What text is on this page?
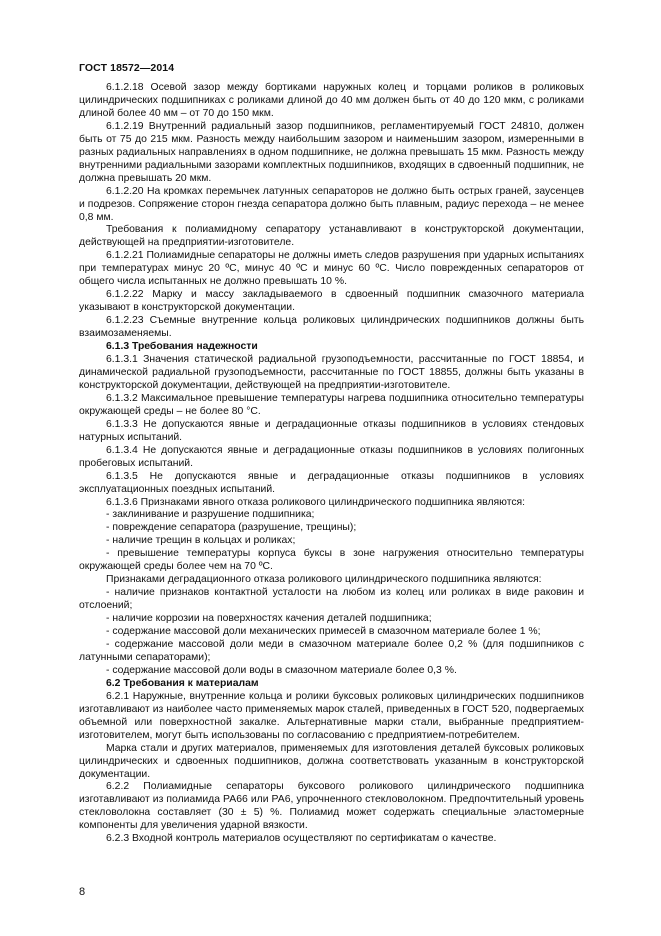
ГОСТ 18572—2014

6.1.2.18 Осевой зазор между бортиками наружных колец и торцами роликов в роликовых цилиндрических подшипниках с роликами длиной до 40 мм должен быть от 40 до 120 мкм, с роликами длиной более 40 мм – от 70 до 150 мкм.

6.1.2.19 Внутренний радиальный зазор подшипников, регламентируемый ГОСТ 24810, должен быть от 75 до 215 мкм. Разность между наибольшим зазором и наименьшим зазором, измеренными в разных радиальных направлениях в одном подшипнике, не должна превышать 15 мкм. Разность между внутренними радиальными зазорами комплектных подшипников, входящих в сдвоенный подшипник, не должна превышать 20 мкм.

6.1.2.20 На кромках перемычек латунных сепараторов не должно быть острых граней, заусенцев и подрезов. Сопряжение сторон гнезда сепаратора должно быть плавным, радиус перехода – не менее 0,8 мм.

Требования к полиамидному сепаратору устанавливают в конструкторской документации, действующей на предприятии-изготовителе.

6.1.2.21 Полиамидные сепараторы не должны иметь следов разрушения при ударных испытаниях при температурах минус 20 ºС, минус 40 ºС и минус 60 ºС. Число поврежденных сепараторов от общего числа испытанных не должно превышать 10 %.

6.1.2.22 Марку и массу закладываемого в сдвоенный подшипник смазочного материала указывают в конструкторской документации.

6.1.2.23 Съемные внутренние кольца роликовых цилиндрических подшипников должны быть взаимозаменяемы.

6.1.3 Требования надежности

6.1.3.1 Значения статической радиальной грузоподъемности, рассчитанные по ГОСТ 18854, и динамической радиальной грузоподъемности, рассчитанные по ГОСТ 18855, должны быть указаны в конструкторской документации, действующей на предприятии-изготовителе.

6.1.3.2 Максимальное превышение температуры нагрева подшипника относительно температуры окружающей среды – не более 80 °С.

6.1.3.3 Не допускаются явные и деградационные отказы подшипников в условиях стендовых натурных испытаний.

6.1.3.4 Не допускаются явные и деградационные отказы подшипников в условиях полигонных пробеговых испытаний.

6.1.3.5 Не допускаются явные и деградационные отказы подшипников в условиях эксплуатационных поездных испытаний.

6.1.3.6 Признаками явного отказа роликового цилиндрического подшипника являются:

- заклинивание и разрушение подшипника;

- повреждение сепаратора (разрушение, трещины);

- наличие трещин в кольцах и роликах;

- превышение температуры корпуса буксы в зоне нагружения относительно температуры окружающей среды более чем на 70 ºС.

Признаками деградационного отказа роликового цилиндрического подшипника являются:

- наличие признаков контактной усталости на любом из колец или роликах в виде раковин и отслоений;

- наличие коррозии на поверхностях качения деталей подшипника;

- содержание массовой доли механических примесей в смазочном материале более 1 %;

- содержание массовой доли меди в смазочном материале более 0,2 % (для подшипников с латунными сепараторами);

- содержание массовой доли воды в смазочном материале более 0,3 %.

6.2 Требования к материалам

6.2.1 Наружные, внутренние кольца и ролики буксовых роликовых цилиндрических подшипников изготавливают из наиболее часто применяемых марок сталей, приведенных в ГОСТ 520, подвергаемых объемной или поверхностной закалке. Альтернативные марки стали, выбранные предприятием-изготовителем, могут быть использованы по согласованию с предприятием-потребителем.

Марка стали и других материалов, применяемых для изготовления деталей буксовых роликовых цилиндрических и сдвоенных подшипников, должна соответствовать указанным в конструкторской документации.

6.2.2 Полиамидные сепараторы буксового роликового цилиндрического подшипника изготавливают из полиамида РА66 или РА6, упрочненного стекловолокном. Предпочтительный уровень стекловолокна составляет (30 ± 5) %. Полиамид может содержать специальные эластомерные компоненты для увеличения ударной вязкости.

6.2.3 Входной контроль материалов осуществляют по сертификатам о качестве.

8
